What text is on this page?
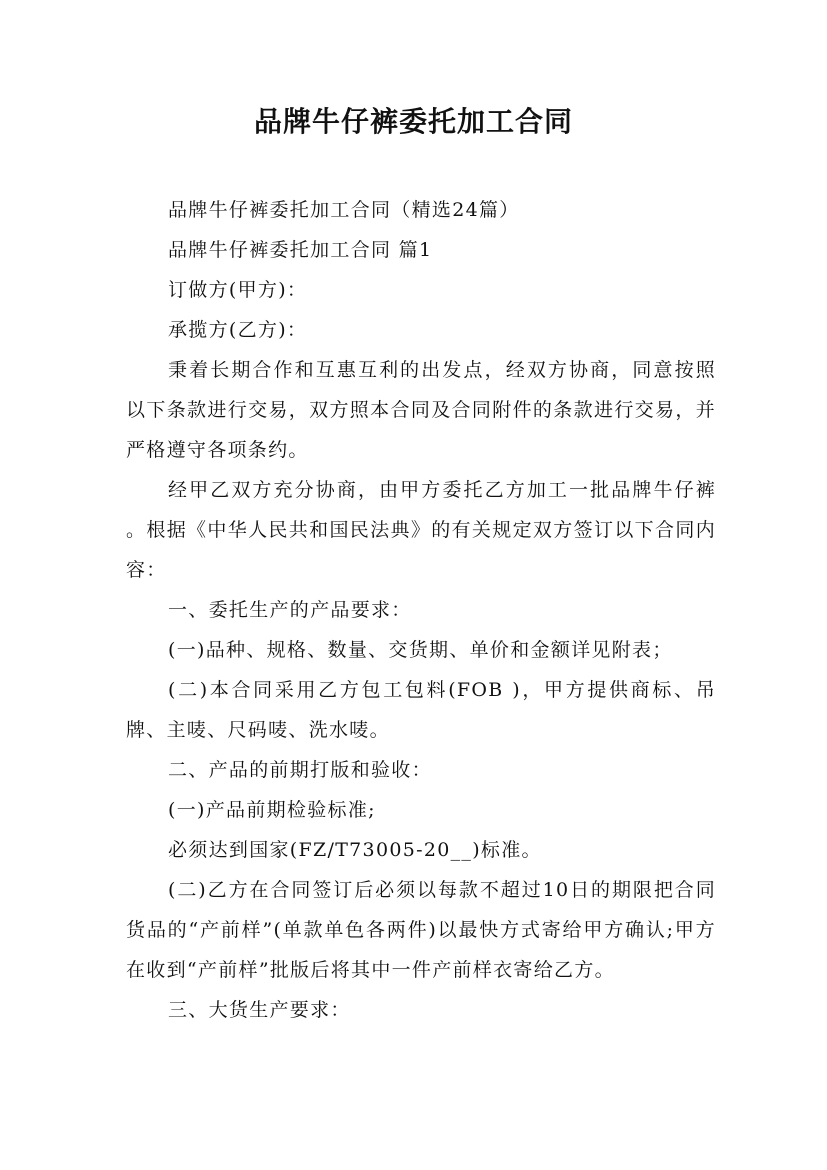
品牌牛仔裤委托加工合同

品牌牛仔裤委托加工合同（精选24篇）

品牌牛仔裤委托加工合同 篇1

订做方(甲方)：

承揽方(乙方)：

秉着长期合作和互惠互利的出发点，经双方协商，同意按照以下条款进行交易，双方照本合同及合同附件的条款进行交易，并严格遵守各项条约。

经甲乙双方充分协商，由甲方委托乙方加工一批品牌牛仔裤 。根据《中华人民共和国民法典》的有关规定双方签订以下合同内容：

一、委托生产的产品要求：

(一)品种、规格、数量、交货期、单价和金额详见附表；

(二)本合同采用乙方包工包料(FOB )，甲方提供商标、吊牌、主唛、尺码唛、洗水唛。

二、产品的前期打版和验收：

(一)产品前期检验标准;

必须达到国家(FZ/T73005-20__)标准。

(二)乙方在合同签订后必须以每款不超过10日的期限把合同货品的“产前样”(单款单色各两件)以最快方式寄给甲方确认;甲方在收到“产前样”批版后将其中一件产前样衣寄给乙方。

三、大货生产要求：
